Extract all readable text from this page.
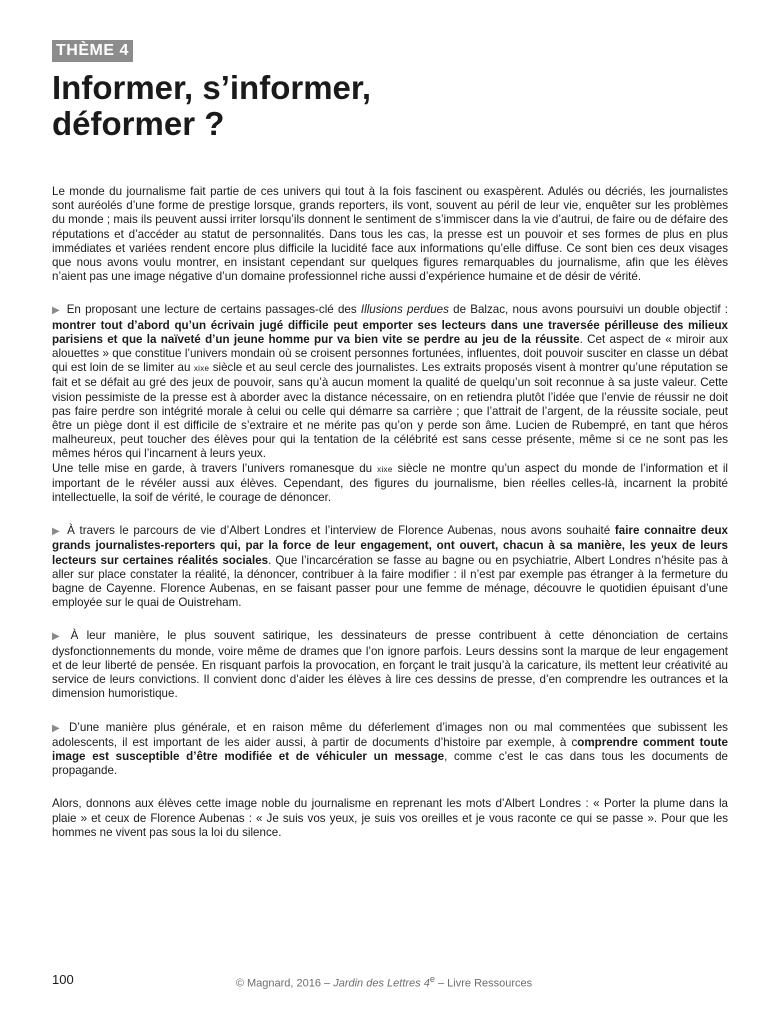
THÈME 4
Informer, s’informer,
déformer ?

Le monde du journalisme fait partie de ces univers qui tout à la fois fascinent ou exaspèrent. Adulés ou décriés, les journalistes sont auréolés d’une forme de prestige lorsque, grands reporters, ils vont, souvent au péril de leur vie, enquêter sur les problèmes du monde ; mais ils peuvent aussi irriter lorsqu’ils donnent le sentiment de s’immiscer dans la vie d’autrui, de faire ou de défaire des réputations et d’accéder au statut de personnalités. Dans tous les cas, la presse est un pouvoir et ses formes de plus en plus immédiates et variées rendent encore plus difficile la lucidité face aux informations qu’elle diffuse. Ce sont bien ces deux visages que nous avons voulu montrer, en insistant cependant sur quelques figures remarquables du journalisme, afin que les élèves n’aient pas une image négative d’un domaine professionnel riche aussi d’expérience humaine et de désir de vérité.

▶ En proposant une lecture de certains passages-clé des Illusions perdues de Balzac, nous avons poursuivi un double objectif : montrer tout d’abord qu’un écrivain jugé difficile peut emporter ses lecteurs dans une traversée périlleuse des milieux parisiens et que la naïveté d’un jeune homme pur va bien vite se perdre au jeu de la réussite. Cet aspect de « miroir aux alouettes » que constitue l’univers mondain où se croisent personnes fortunées, influentes, doit pouvoir susciter en classe un débat qui est loin de se limiter au xixe siècle et au seul cercle des journalistes. Les extraits proposés visent à montrer qu’une réputation se fait et se défait au gré des jeux de pouvoir, sans qu’à aucun moment la qualité de quelqu’un soit reconnue à sa juste valeur. Cette vision pessimiste de la presse est à aborder avec la distance nécessaire, on en retiendra plutôt l’idée que l’envie de réussir ne doit pas faire perdre son intégrité morale à celui ou celle qui démarre sa carrière ; que l’attrait de l’argent, de la réussite sociale, peut être un piège dont il est difficile de s’extraire et ne mérite pas qu’on y perde son âme. Lucien de Rubempré, en tant que héros malheureux, peut toucher des élèves pour qui la tentation de la célébrité est sans cesse présente, même si ce ne sont pas les mêmes héros qui l’incarnent à leurs yeux.

Une telle mise en garde, à travers l’univers romanesque du xixe siècle ne montre qu’un aspect du monde de l’information et il important de le révéler aussi aux élèves. Cependant, des figures du journalisme, bien réelles celles-là, incarnent la probité intellectuelle, la soif de vérité, le courage de dénoncer.

▶ À travers le parcours de vie d’Albert Londres et l’interview de Florence Aubenas, nous avons souhaité faire connaitre deux grands journalistes-reporters qui, par la force de leur engagement, ont ouvert, chacun à sa manière, les yeux de leurs lecteurs sur certaines réalités sociales. Que l’incarcération se fasse au bagne ou en psychiatrie, Albert Londres n’hésite pas à aller sur place constater la réalité, la dénoncer, contribuer à la faire modifier : il n’est par exemple pas étranger à la fermeture du bagne de Cayenne. Florence Aubenas, en se faisant passer pour une femme de ménage, découvre le quotidien épuisant d’une employée sur le quai de Ouistreham.

▶ À leur manière, le plus souvent satirique, les dessinateurs de presse contribuent à cette dénonciation de certains dysfonctionnements du monde, voire même de drames que l’on ignore parfois. Leurs dessins sont la marque de leur engagement et de leur liberté de pensée. En risquant parfois la provocation, en forçant le trait jusqu’à la caricature, ils mettent leur créativité au service de leurs convictions. Il convient donc d’aider les élèves à lire ces dessins de presse, d’en comprendre les outrances et la dimension humoristique.

▶ D’une manière plus générale, et en raison même du déferlement d’images non ou mal commentées que subissent les adolescents, il est important de les aider aussi, à partir de documents d’histoire par exemple, à comprendre comment toute image est susceptible d’être modifiée et de véhiculer un message, comme c’est le cas dans tous les documents de propagande.

Alors, donnons aux élèves cette image noble du journalisme en reprenant les mots d’Albert Londres : « Porter la plume dans la plaie » et ceux de Florence Aubenas : « Je suis vos yeux, je suis vos oreilles et je vous raconte ce qui se passe ». Pour que les hommes ne vivent pas sous la loi du silence.

100	© Magnard, 2016 – Jardin des Lettres 4e – Livre Ressources
